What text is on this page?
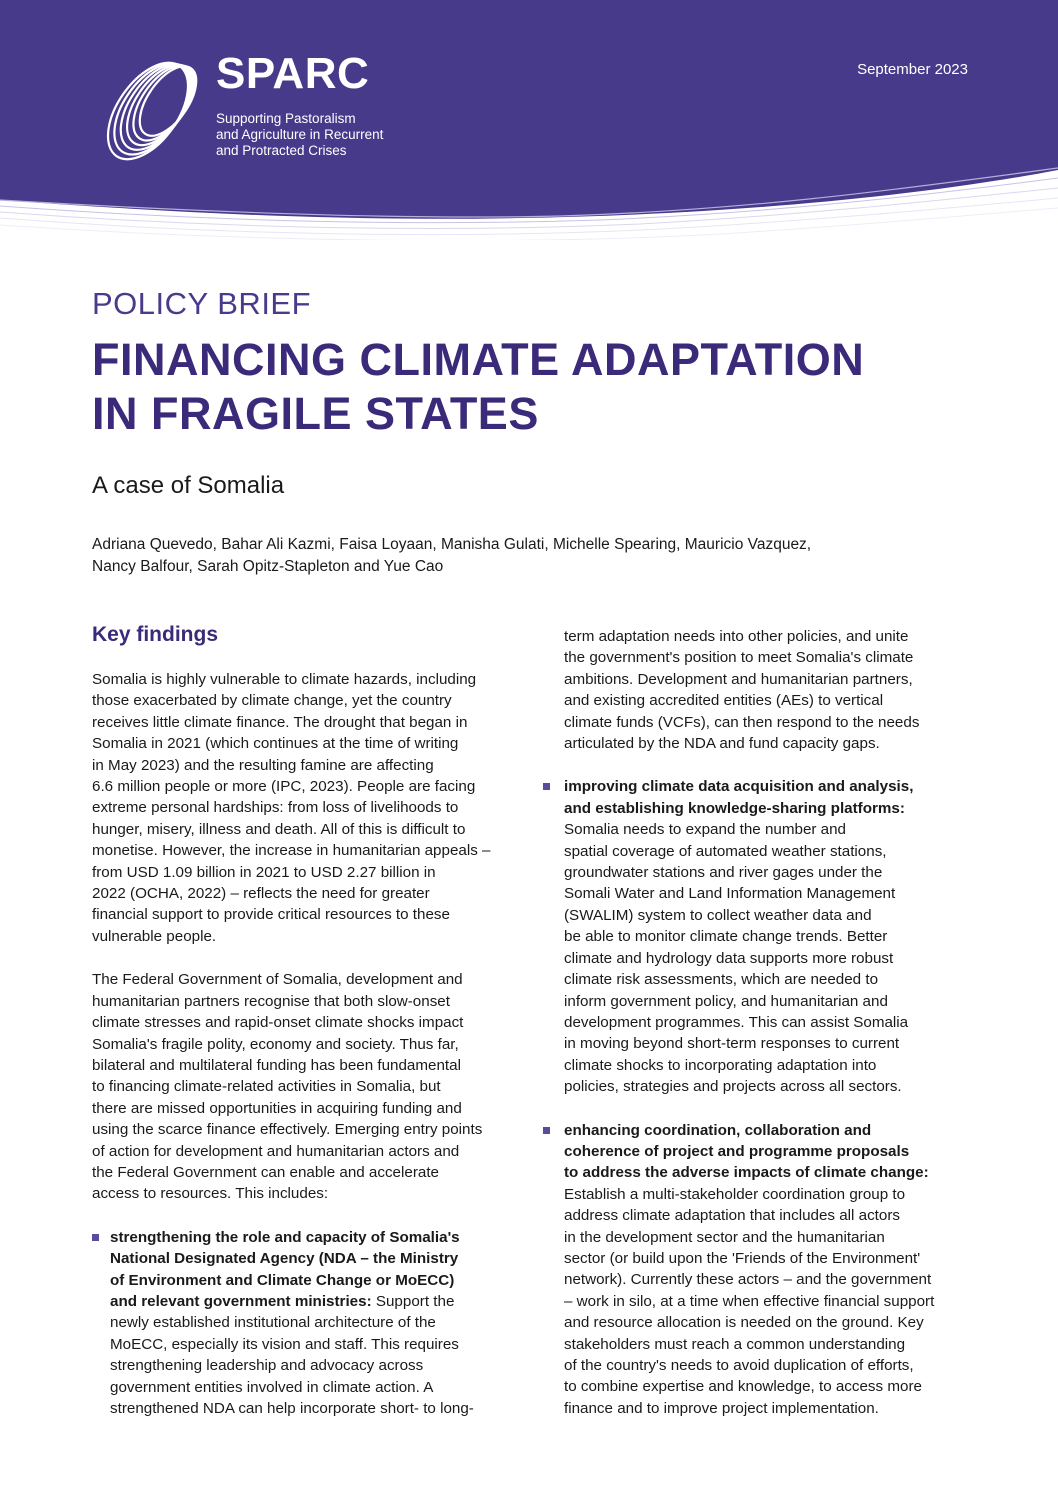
SPARC
Supporting Pastoralism
and Agriculture in Recurrent
and Protracted Crises
September 2023
POLICY BRIEF
FINANCING CLIMATE ADAPTATION
IN FRAGILE STATES
A case of Somalia
Adriana Quevedo, Bahar Ali Kazmi, Faisa Loyaan, Manisha Gulati, Michelle Spearing, Mauricio Vazquez,
Nancy Balfour, Sarah Opitz-Stapleton and Yue Cao
Key findings

Somalia is highly vulnerable to climate hazards, including
those exacerbated by climate change, yet the country
receives little climate finance. The drought that began in
Somalia in 2021 (which continues at the time of writing
in May 2023) and the resulting famine are affecting
6.6 million people or more (IPC, 2023). People are facing
extreme personal hardships: from loss of livelihoods to
hunger, misery, illness and death. All of this is difficult to
monetise. However, the increase in humanitarian appeals –
from USD 1.09 billion in 2021 to USD 2.27 billion in
2022 (OCHA, 2022) – reflects the need for greater
financial support to provide critical resources to these
vulnerable people.

The Federal Government of Somalia, development and
humanitarian partners recognise that both slow-onset
climate stresses and rapid-onset climate shocks impact
Somalia's fragile polity, economy and society. Thus far,
bilateral and multilateral funding has been fundamental
to financing climate-related activities in Somalia, but
there are missed opportunities in acquiring funding and
using the scarce finance effectively. Emerging entry points
of action for development and humanitarian actors and
the Federal Government can enable and accelerate
access to resources. This includes:

strengthening the role and capacity of Somalia's
National Designated Agency (NDA – the Ministry
of Environment and Climate Change or MoECC)
and relevant government ministries: Support the
newly established institutional architecture of the
MoECC, especially its vision and staff. This requires
strengthening leadership and advocacy across
government entities involved in climate action. A
strengthened NDA can help incorporate short- to long-

term adaptation needs into other policies, and unite
the government's position to meet Somalia's climate
ambitions. Development and humanitarian partners,
and existing accredited entities (AEs) to vertical
climate funds (VCFs), can then respond to the needs
articulated by the NDA and fund capacity gaps.

improving climate data acquisition and analysis,
and establishing knowledge-sharing platforms:
Somalia needs to expand the number and
spatial coverage of automated weather stations,
groundwater stations and river gages under the
Somali Water and Land Information Management
(SWALIM) system to collect weather data and
be able to monitor climate change trends. Better
climate and hydrology data supports more robust
climate risk assessments, which are needed to
inform government policy, and humanitarian and
development programmes. This can assist Somalia
in moving beyond short-term responses to current
climate shocks to incorporating adaptation into
policies, strategies and projects across all sectors.
enhancing coordination, collaboration and
coherence of project and programme proposals
to address the adverse impacts of climate change:
Establish a multi-stakeholder coordination group to
address climate adaptation that includes all actors
in the development sector and the humanitarian
sector (or build upon the 'Friends of the Environment'
network). Currently these actors – and the government
– work in silo, at a time when effective financial support
and resource allocation is needed on the ground. Key
stakeholders must reach a common understanding
of the country's needs to avoid duplication of efforts,
to combine expertise and knowledge, to access more
finance and to improve project implementation.
